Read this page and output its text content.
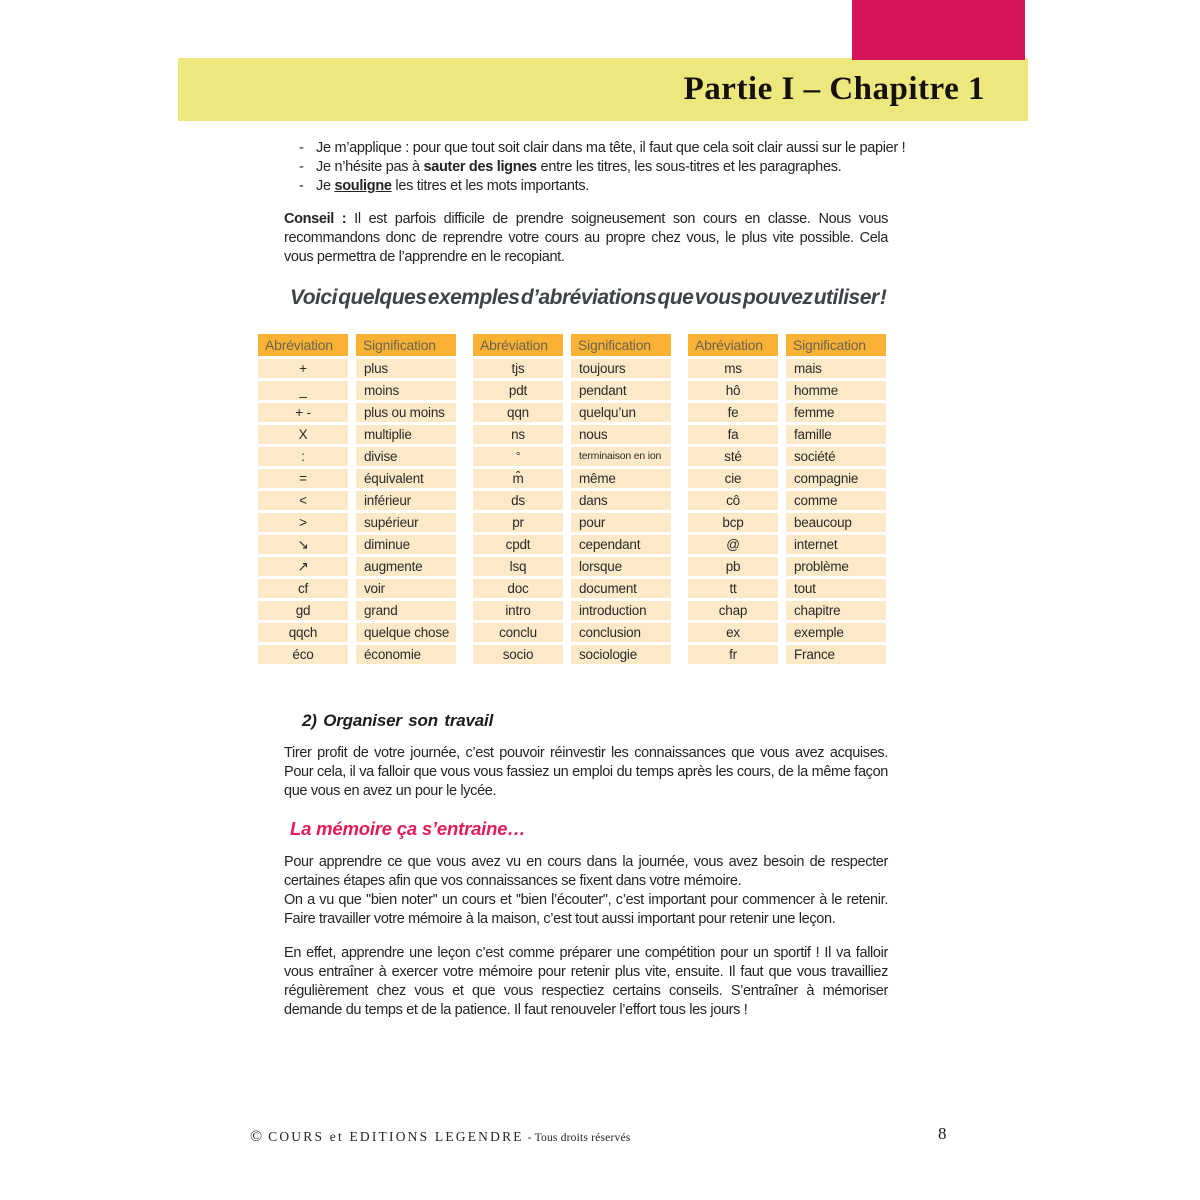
Partie I – Chapitre 1
- Je m’applique : pour que tout soit clair dans ma tête, il faut que cela soit clair aussi sur le papier !
- Je n’hésite pas à sauter des lignes entre les titres, les sous-titres et les paragraphes.
- Je souligne les titres et les mots importants.
Conseil : Il est parfois difficile de prendre soigneusement son cours en classe. Nous vous recommandons donc de reprendre votre cours au propre chez vous, le plus vite possible. Cela vous permettra de l’apprendre en le recopiant.
Voici quelques exemples d’abréviations que vous pouvez utiliser !
Abréviation	Signification
+	plus
_	moins
+ -	plus ou moins
X	multiplie
:	divise
=	équivalent
<	inférieur
>	supérieur
↘	diminue
↗	augmente
cf	voir
gd	grand
qqch	quelque chose
éco	économie
Abréviation	Signification
tjs	toujours
pdt	pendant
qqn	quelqu’un
ns	nous
°	terminaison en ion
m̂	même
ds	dans
pr	pour
cpdt	cependant
lsq	lorsque
doc	document
intro	introduction
conclu	conclusion
socio	sociologie
Abréviation	Signification
ms	mais
hô	homme
fe	femme
fa	famille
sté	société
cie	compagnie
cô	comme
bcp	beaucoup
@	internet
pb	problème
tt	tout
chap	chapitre
ex	exemple
fr	France
2) Organiser son travail
Tirer profit de votre journée, c’est pouvoir réinvestir les connaissances que vous avez acquises. Pour cela, il va falloir que vous vous fassiez un emploi du temps après les cours, de la même façon que vous en avez un pour le lycée.
La mémoire ça s’entraine…
Pour apprendre ce que vous avez vu en cours dans la journée, vous avez besoin de respecter certaines étapes afin que vos connaissances se fixent dans votre mémoire.
On a vu que ''bien noter'' un cours et ''bien l’écouter'', c’est important pour commencer à le retenir. Faire travailler votre mémoire à la maison, c’est tout aussi important pour retenir une leçon.
En effet, apprendre une leçon c’est comme préparer une compétition pour un sportif ! Il va falloir vous entraîner à exercer votre mémoire pour retenir plus vite, ensuite. Il faut que vous travailliez régulièrement chez vous et que vous respectiez certains conseils. S’entraîner à mémoriser demande du temps et de la patience. Il faut renouveler l’effort tous les jours !
© COURS et EDITIONS LEGENDRE - Tous droits réservés	8
